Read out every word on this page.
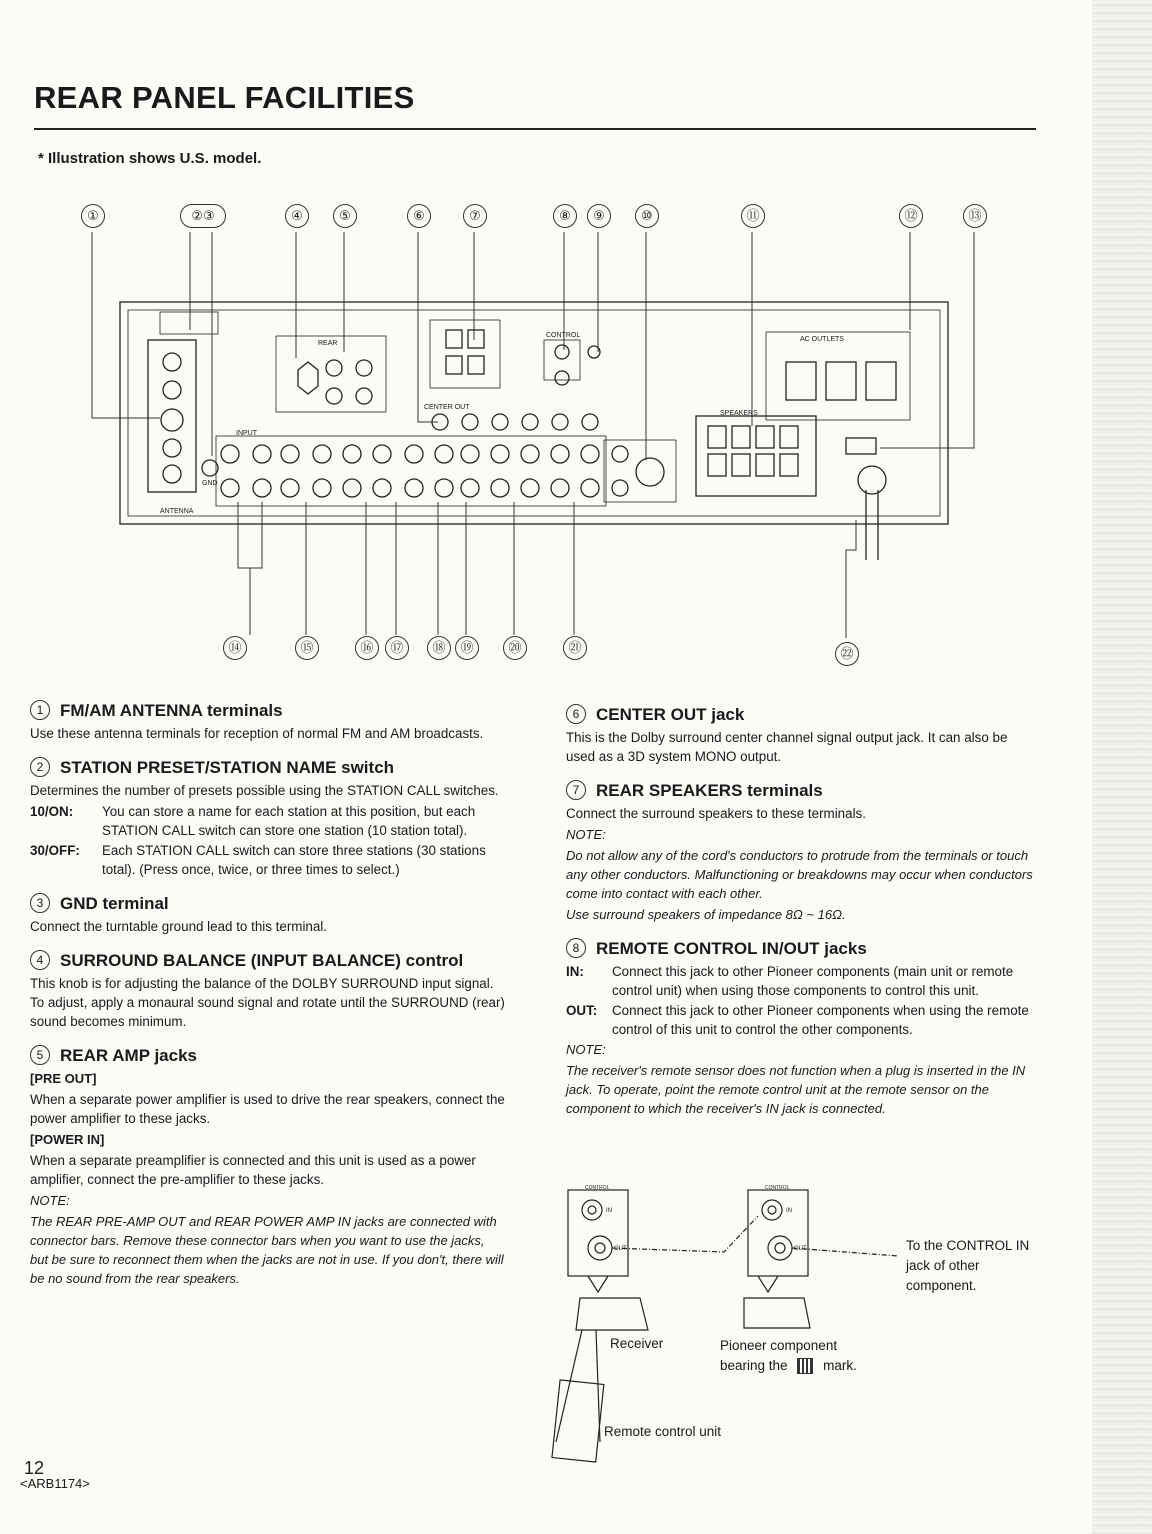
REAR PANEL FACILITIES
* Illustration shows U.S. model.
①	②③	④	⑤	⑥	⑦	⑧	⑨	⑩	⑪	⑫	⑬
⑭	⑮	⑯	⑰	⑱	⑲	⑳	㉑	㉒
ANTENNA
INPUT
REAR
CENTER OUT
SPEAKERS
AC OUTLETS
CONTROL
GND
1 FM/AM ANTENNA terminals

Use these antenna terminals for reception of normal FM and AM broadcasts.

2 STATION PRESET/STATION NAME switch

Determines the number of presets possible using the STATION CALL switches.

10/ON:	You can store a name for each station at this position, but each STATION CALL switch can store one station (10 station total).
30/OFF:	Each STATION CALL switch can store three stations (30 stations total). (Press once, twice, or three times to select.)
3 GND terminal

Connect the turntable ground lead to this terminal.

4 SURROUND BALANCE (INPUT BALANCE) control

This knob is for adjusting the balance of the DOLBY SURROUND input signal. To adjust, apply a monaural sound signal and rotate until the SURROUND (rear) sound becomes minimum.

5 REAR AMP jacks

[PRE OUT]

When a separate power amplifier is used to drive the rear speakers, connect the power amplifier to these jacks.

[POWER IN]

When a separate preamplifier is connected and this unit is used as a power amplifier, connect the pre-amplifier to these jacks.

NOTE:

The REAR PRE-AMP OUT and REAR POWER AMP IN jacks are connected with connector bars. Remove these connector bars when you want to use the jacks, but be sure to reconnect them when the jacks are not in use. If you don't, there will be no sound from the rear speakers.

6 CENTER OUT jack

This is the Dolby surround center channel signal output jack. It can also be used as a 3D system MONO output.

7 REAR SPEAKERS terminals

Connect the surround speakers to these terminals.

NOTE:

Do not allow any of the cord's conductors to protrude from the terminals or touch any other conductors. Malfunctioning or breakdowns may occur when conductors come into contact with each other.

Use surround speakers of impedance 8Ω ~ 16Ω.

8 REMOTE CONTROL IN/OUT jacks
IN:	Connect this jack to other Pioneer components (main unit or remote control unit) when using those components to control this unit.
OUT:	Connect this jack to other Pioneer components when using the remote control of this unit to control the other components.

NOTE:

The receiver's remote sensor does not function when a plug is inserted in the IN jack. To operate, point the remote control unit at the remote sensor on the component to which the receiver's IN jack is connected.

CONTROL	CONTROL
IN
OUT
IN
OUT	To the CONTROL IN jack of other component.
Receiver	Pioneer component
bearing the	mark.
Remote control unit
12
<ARB1174>
